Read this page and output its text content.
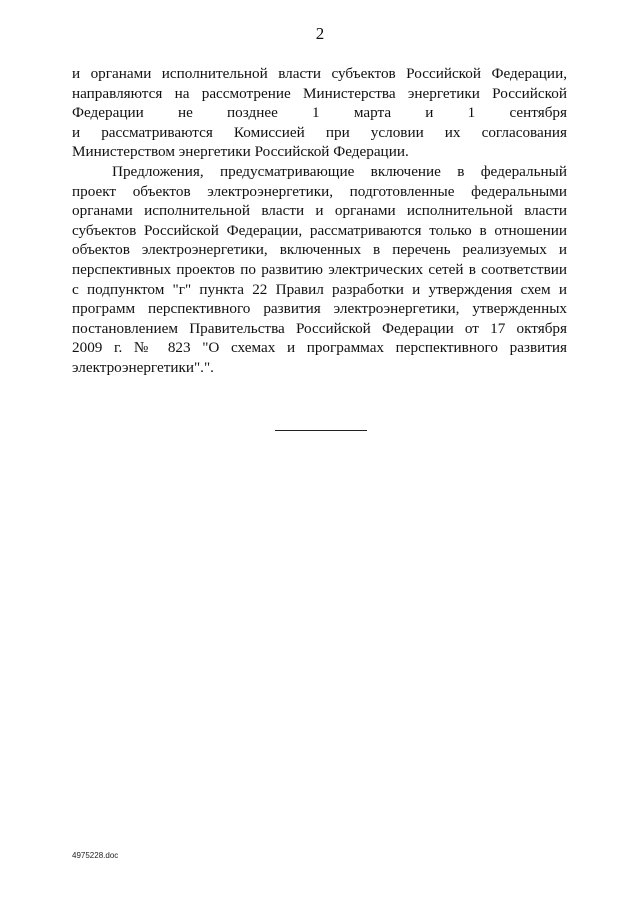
2

и органами исполнительной власти субъектов Российской Федерации,
направляются на рассмотрение Министерства энергетики Российской
Федерации не позднее 1 марта и 1 сентября
и рассматриваются Комиссией при условии их согласования
Министерством энергетики Российской Федерации.

Предложения, предусматривающие включение в федеральный
проект объектов электроэнергетики, подготовленные федеральными
органами исполнительной власти и органами исполнительной власти
субъектов Российской Федерации, рассматриваются только в отношении
объектов электроэнергетики, включенных в перечень реализуемых и
перспективных проектов по развитию электрических сетей в соответствии
с подпунктом "г" пункта 22 Правил разработки и утверждения схем и
программ перспективного развития электроэнергетики, утвержденных
постановлением Правительства Российской Федерации от 17 октября
2009 г. № 823 "О схемах и программах перспективного развития
электроэнергетики".".

4975228.doc
